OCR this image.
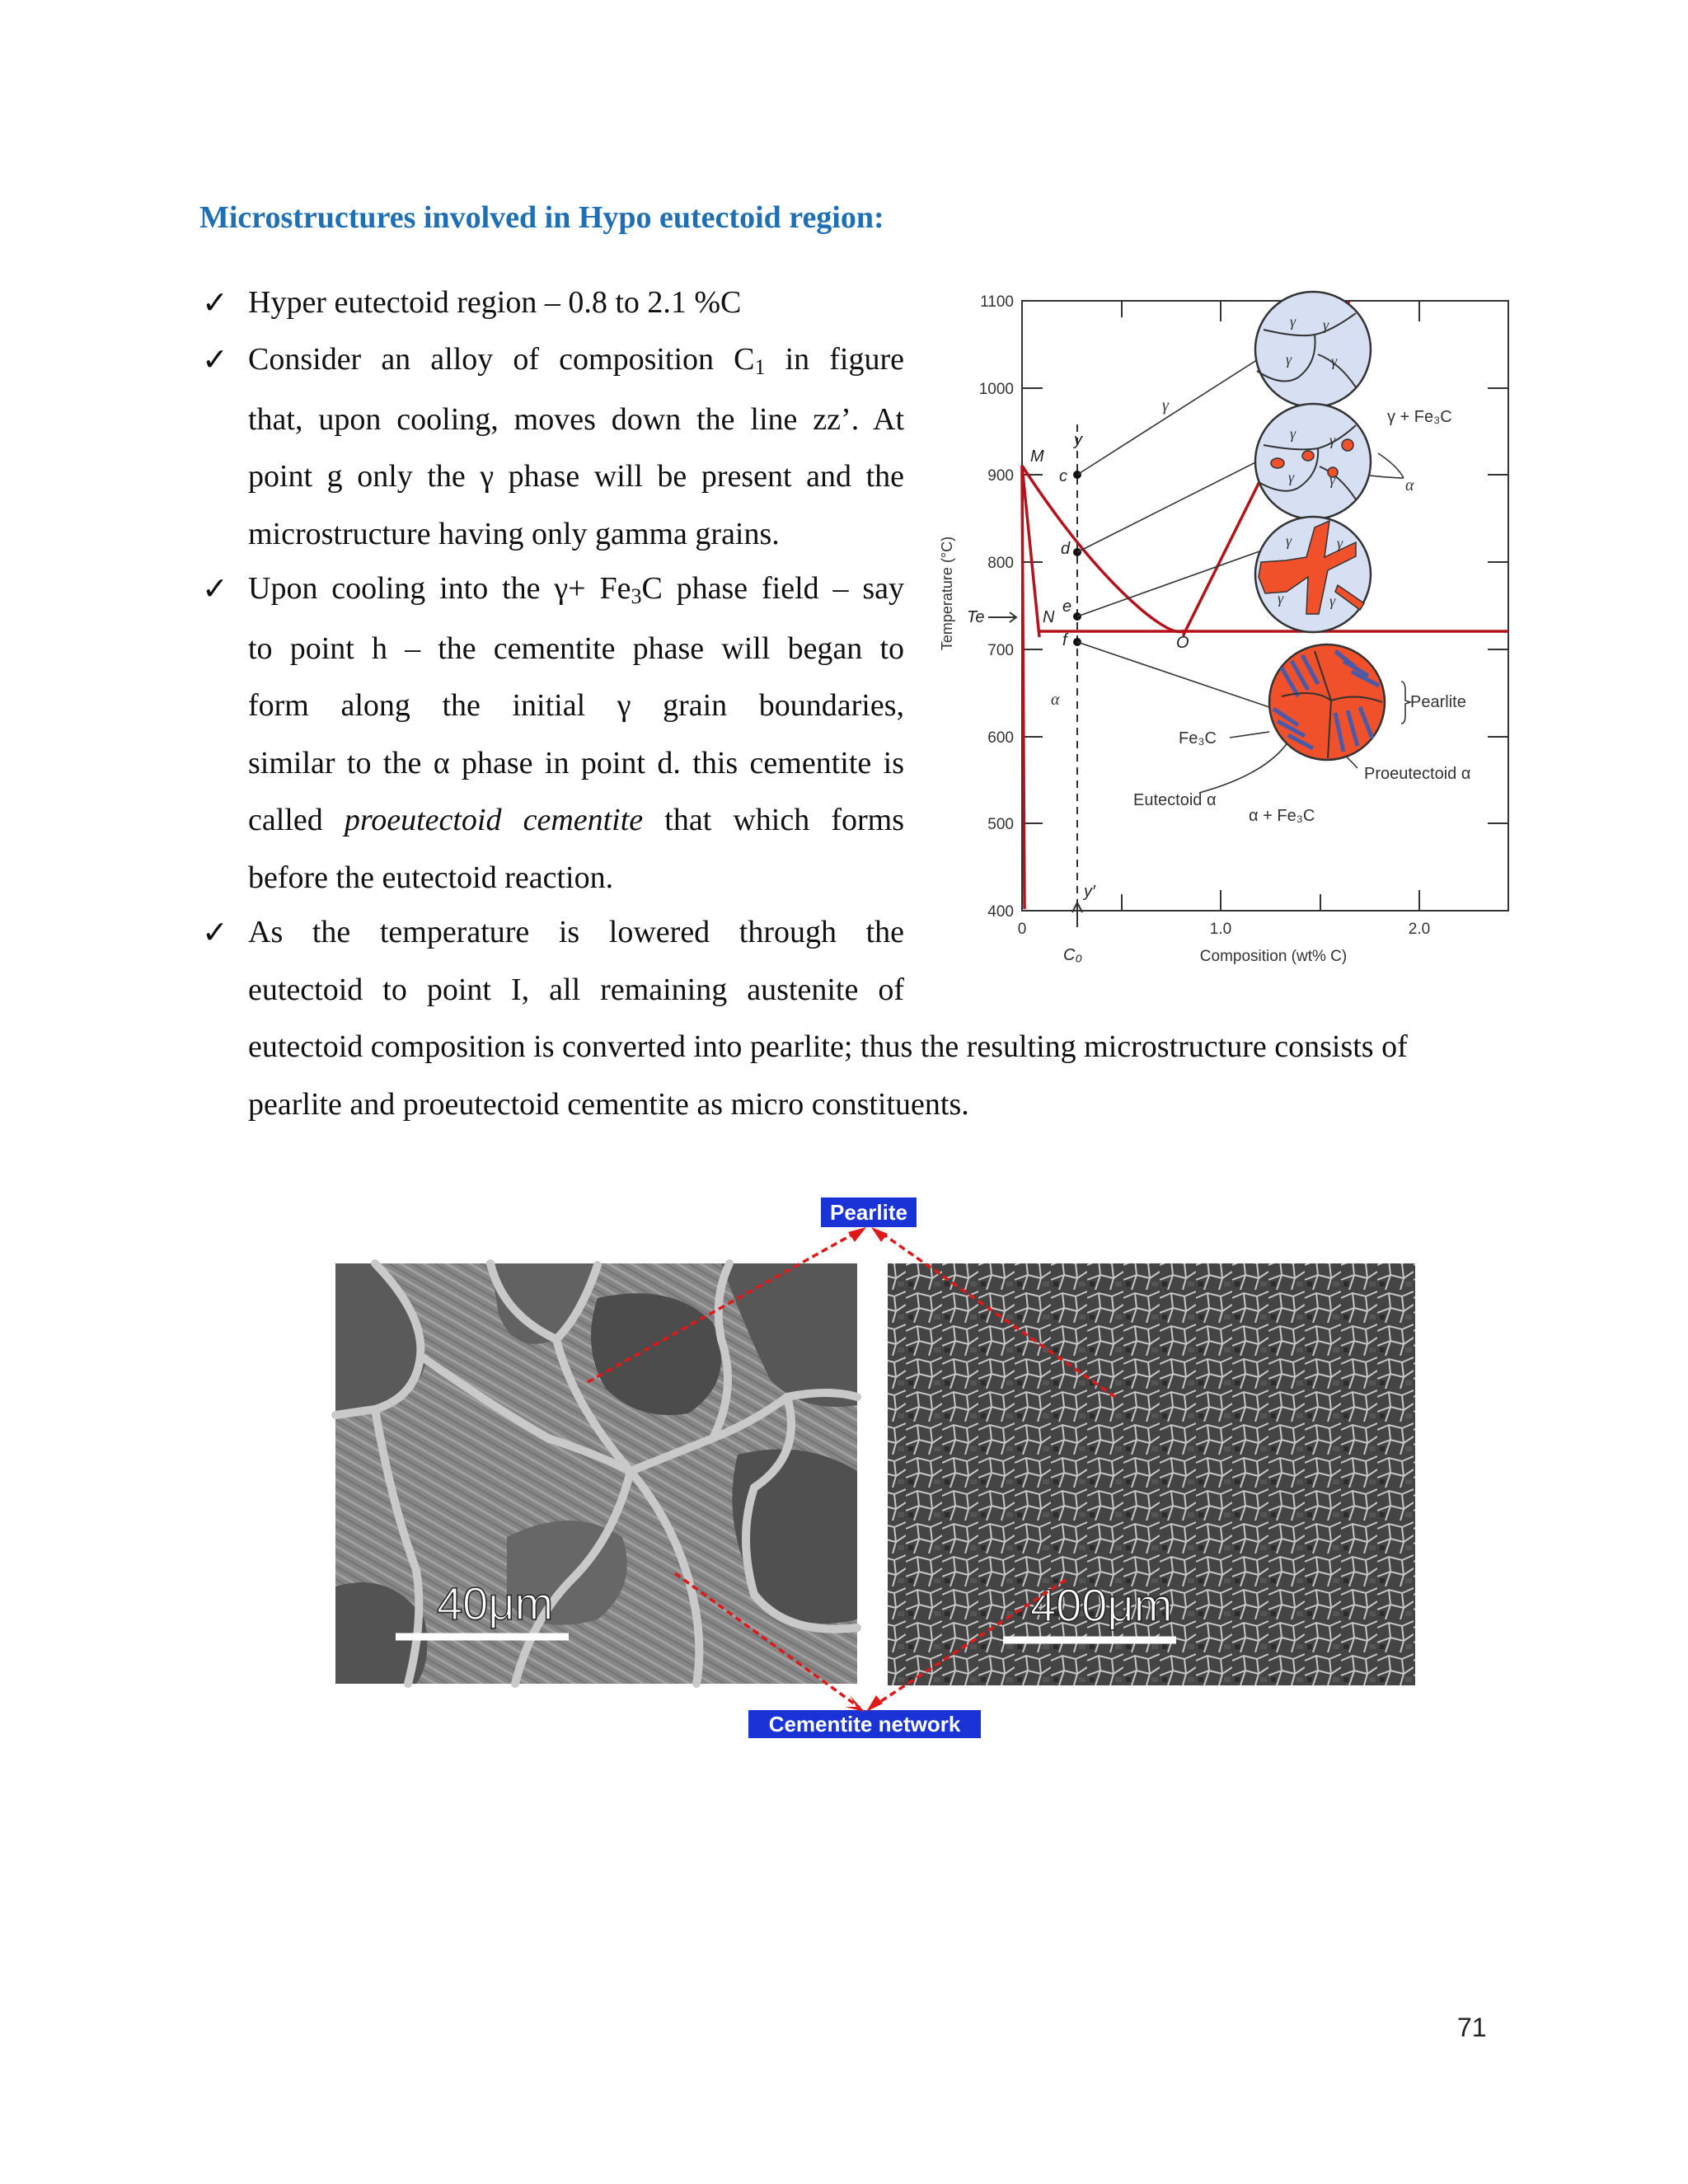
Microstructures involved in Hypo eutectoid region:
✓ Hyper eutectoid region – 0.8 to 2.1 %C
✓ Consider an alloy of composition C1 in figure
that, upon cooling, moves down the line zz’. At
point g only the γ phase will be present and the
microstructure having only gamma grains.
✓ Upon cooling into the γ+ Fe3C phase field – say
to point h – the cementite phase will began to
form along the initial γ grain boundaries,
similar to the α phase in point d. this cementite is
called proeutectoid cementite that which forms
before the eutectoid reaction.
✓ As the temperature is lowered through the
eutectoid to point I, all remaining austenite of
eutectoid composition is converted into pearlite; thus the resulting microstructure consists of
pearlite and proeutectoid cementite as micro constituents.
1100
1000
900
800
700
600
500
400
0	1.0	2.0
Composition (wt% C)
Temperature (°C)
M
N
O
Te
c
d
e
f
y
y′
C₀
γ
γ + Fe₃C
α
α + Fe₃C
Pearlite
Proeutectoid α
Eutectoid α
Fe₃C
α
γ γ
γ	γ
γ γ
γ γ
γ	γ
γ	γ
40μm	400μm
Pearlite
Cementite network
71
